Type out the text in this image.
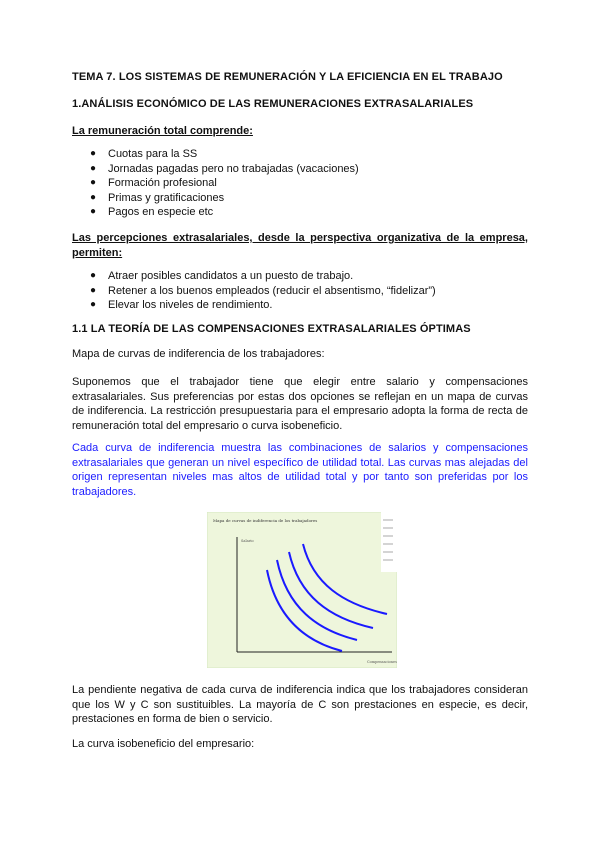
TEMA 7. LOS SISTEMAS DE REMUNERACIÓN Y LA EFICIENCIA EN EL TRABAJO
1.ANÁLISIS ECONÓMICO DE LAS REMUNERACIONES EXTRASALARIALES
La remuneración total comprende:
● Cuotas para la SS
● Jornadas pagadas pero no trabajadas (vacaciones)
● Formación profesional
● Primas y gratificaciones
● Pagos en especie etc

Las percepciones extrasalariales, desde la perspectiva organizativa de la empresa, permiten:

● Atraer posibles candidatos a un puesto de trabajo.
● Retener a los buenos empleados (reducir el absentismo, “fidelizar”)
● Elevar los niveles de rendimiento.
1.1 LA TEORÍA DE LAS COMPENSACIONES EXTRASALARIALES ÓPTIMAS

Mapa de curvas de indiferencia de los trabajadores:

Suponemos que el trabajador tiene que elegir entre salario y compensaciones extrasalariales. Sus preferencias por estas dos opciones se reflejan en un mapa de curvas de indiferencia. La restricción presupuestaria para el empresario adopta la forma de recta de remuneración total del empresario o curva isobeneficio.

Cada curva de indiferencia muestra las combinaciones de salarios y compensaciones extrasalariales que generan un nivel específico de utilidad total. Las curvas mas alejadas del origen representan niveles mas altos de utilidad total y por tanto son preferidas por los trabajadores.

Mapa de curvas de indiferencia de los trabajadores
Salario
Compensaciones

La pendiente negativa de cada curva de indiferencia indica que los trabajadores consideran que los W y C son sustituibles. La mayoría de C son prestaciones en especie, es decir, prestaciones en forma de bien o servicio.

La curva isobeneficio del empresario:
